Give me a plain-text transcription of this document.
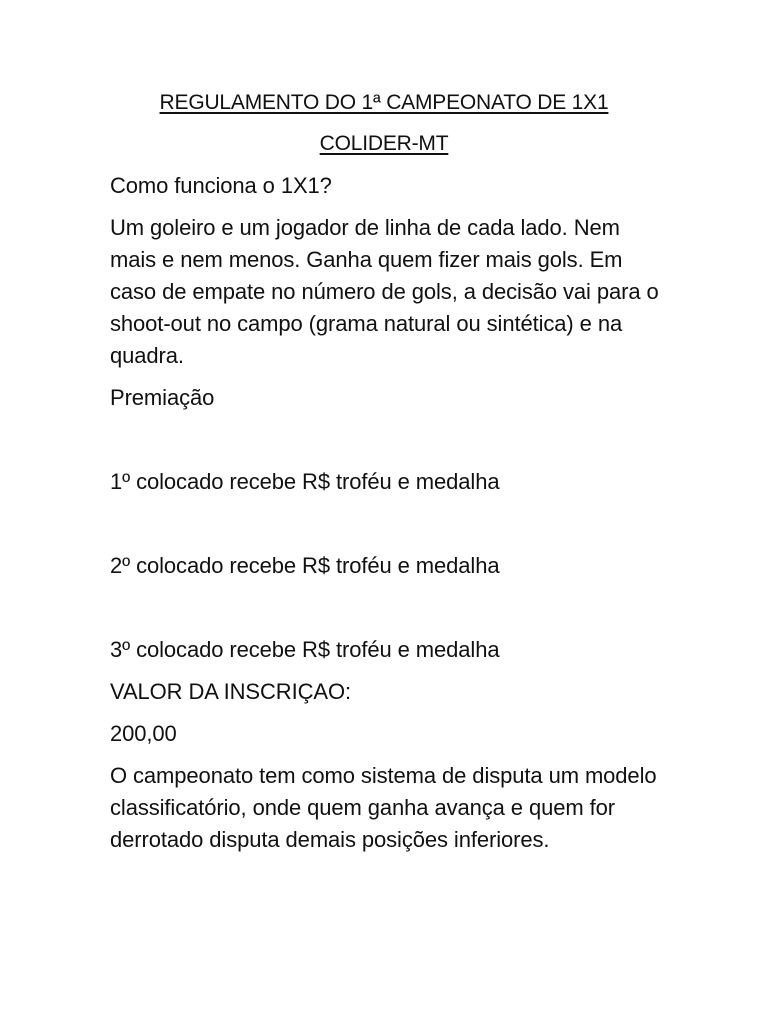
REGULAMENTO DO 1ª CAMPEONATO DE 1X1
COLIDER-MT

Como funciona o 1X1?

Um goleiro e um jogador de linha de cada lado. Nem mais e nem menos. Ganha quem fizer mais gols. Em caso de empate no número de gols, a decisão vai para o shoot-out no campo (grama natural ou sintética) e na quadra.

Premiação

1º colocado recebe R$ troféu e medalha

2º colocado recebe R$ troféu e medalha

3º colocado recebe R$ troféu e medalha

VALOR DA INSCRIÇAO:

200,00

O campeonato tem como sistema de disputa um modelo classificatório, onde quem ganha avança e quem for derrotado disputa demais posições inferiores.
